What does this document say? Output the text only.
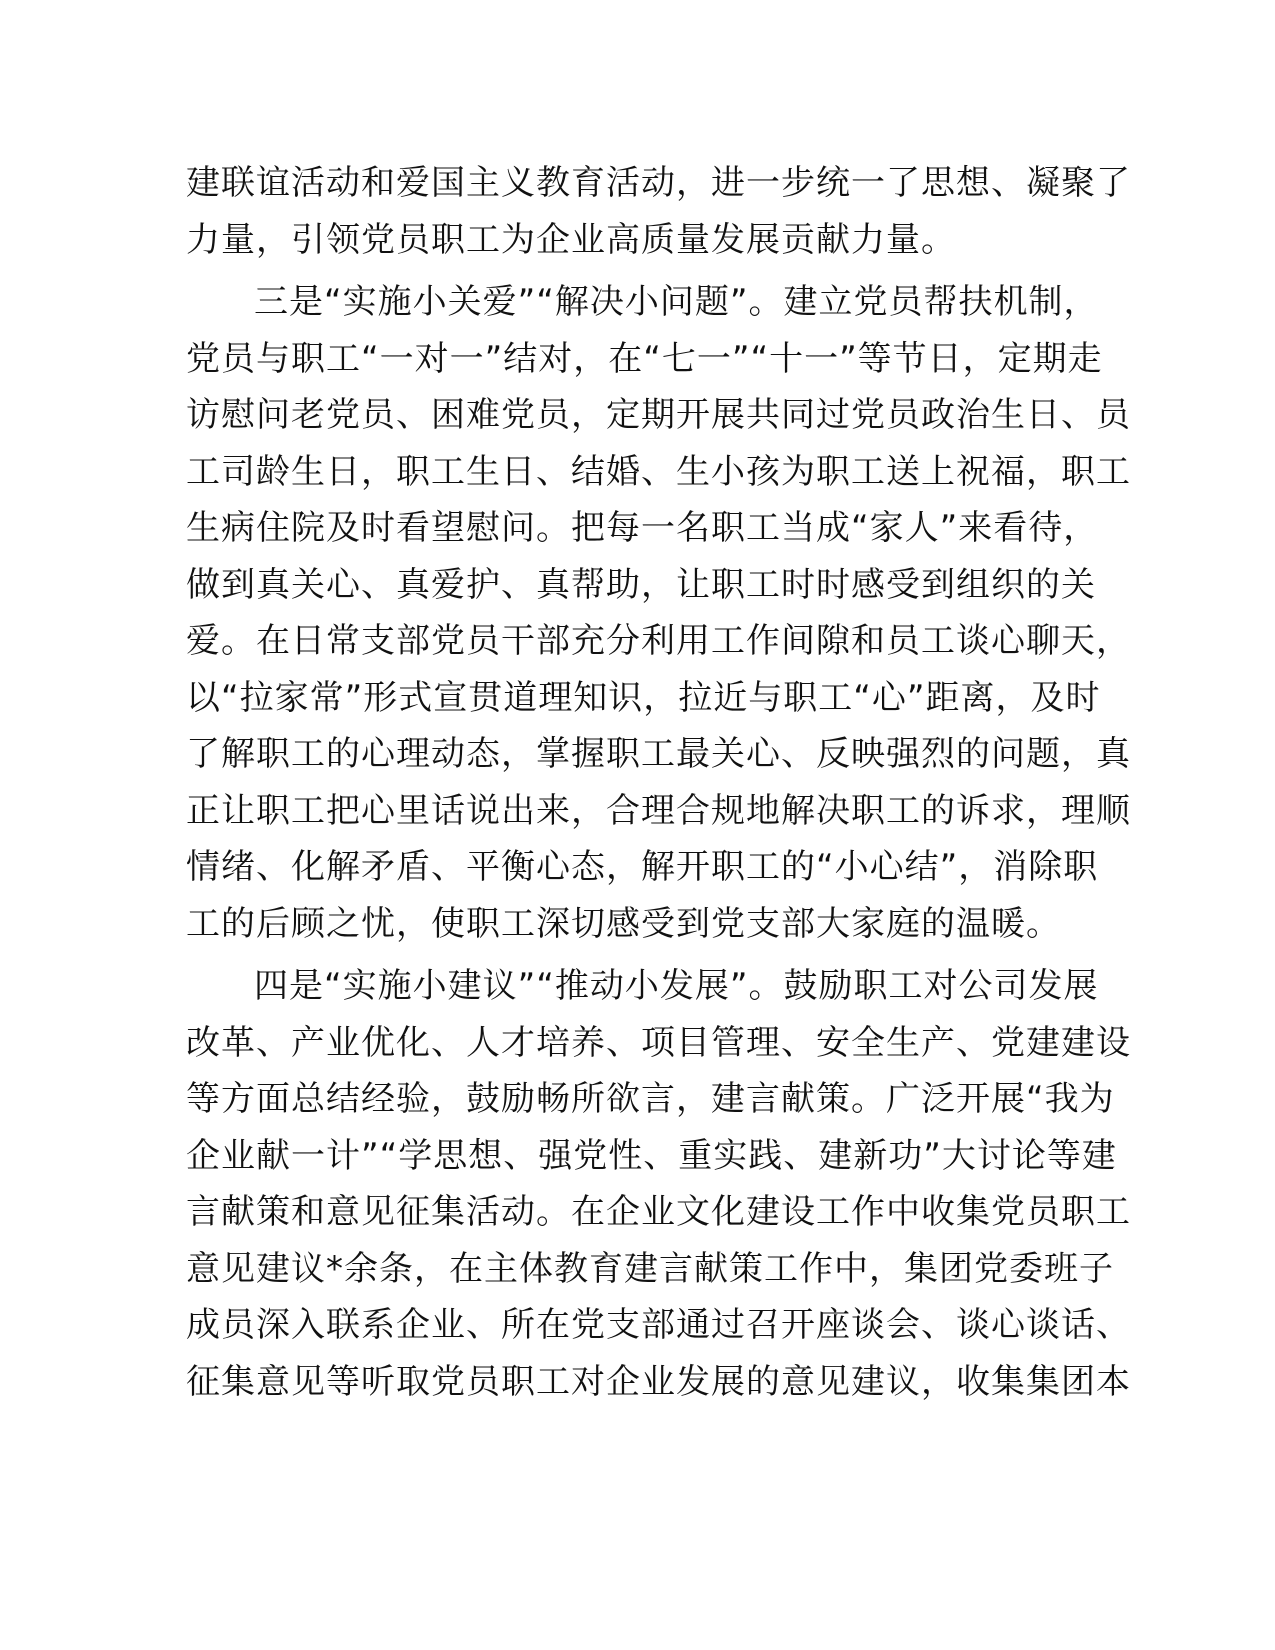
建联谊活动和爱国主义教育活动，进一步统一了思想、凝聚了
力量，引领党员职工为企业高质量发展贡献力量。
三是“实施小关爱”“解决小问题”。建立党员帮扶机制，
党员与职工“一对一”结对，在“七一”“十一”等节日，定期走
访慰问老党员、困难党员，定期开展共同过党员政治生日、员
工司龄生日，职工生日、结婚、生小孩为职工送上祝福，职工
生病住院及时看望慰问。把每一名职工当成“家人”来看待，
做到真关心、真爱护、真帮助，让职工时时感受到组织的关
爱。在日常支部党员干部充分利用工作间隙和员工谈心聊天，
以“拉家常”形式宣贯道理知识，拉近与职工“心”距离，及时
了解职工的心理动态，掌握职工最关心、反映强烈的问题，真
正让职工把心里话说出来，合理合规地解决职工的诉求，理顺
情绪、化解矛盾、平衡心态，解开职工的“小心结”，消除职
工的后顾之忧，使职工深切感受到党支部大家庭的温暖。
四是“实施小建议”“推动小发展”。鼓励职工对公司发展
改革、产业优化、人才培养、项目管理、安全生产、党建建设
等方面总结经验，鼓励畅所欲言，建言献策。广泛开展“我为
企业献一计”“学思想、强党性、重实践、建新功”大讨论等建
言献策和意见征集活动。在企业文化建设工作中收集党员职工
意见建议*余条，在主体教育建言献策工作中，集团党委班子
成员深入联系企业、所在党支部通过召开座谈会、谈心谈话、
征集意见等听取党员职工对企业发展的意见建议，收集集团本
